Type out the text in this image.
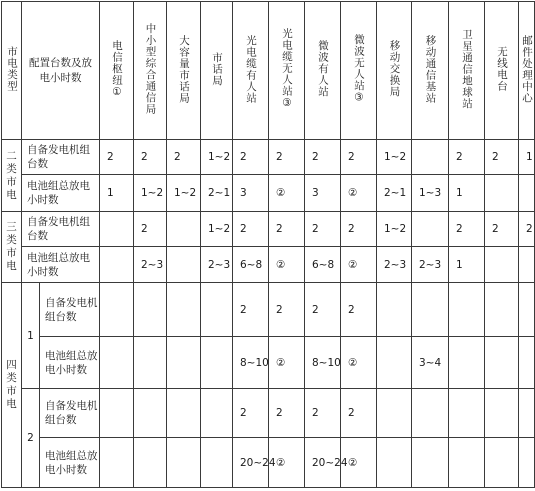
市电类型	配置台数及放电小时数		电信枢纽①	中小型综合通信局	大容量市话局	市话局	光电缆有人站	光电缆无人站③	微波有人站	微波无人站③	移动交换局	移动通信基站	卫星通信地球站	无线电台	邮件处理中心	

二
类
市
电	自备发电机组台数		2	2	2	1~2	2	2	2	2	1~2		2	2	1	
	电池组总放电小时数		1	1~2	1~2	2~1	3	②	3	②	2~1	1~3	1			

三
类
市
电	自备发电机组台数			2		1~2	2	2	2	2	1~2		2	2	2	
	电池组总放电小时数			2~3		2~3	6~8	②	6~8	②	2~3	2~3	1			

四
类
市
电	1	自备发电机组台数					2	2	2	2						
		电池组总放电小时数					8~10	②	8~10	②		3~4				
	2	自备发电机组台数					2	2	2	2						
		电池组总放电小时数					20~24	②	20~24	②						
